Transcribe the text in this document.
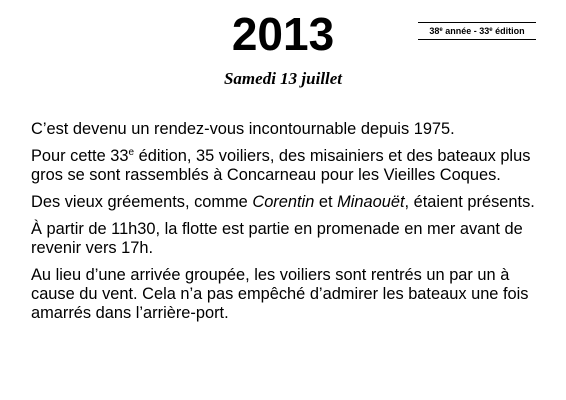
2013	38e année - 33e édition
Samedi 13 juillet

C’est devenu un rendez-vous incontournable depuis 1975.

Pour cette 33e édition, 35 voiliers, des misainiers et des bateaux plus gros se sont rassemblés à Concarneau pour les Vieilles Coques.

Des vieux gréements, comme Corentin et Minaouët, étaient présents.

À partir de 11h30, la flotte est partie en promenade en mer avant de revenir vers 17h.

Au lieu d’une arrivée groupée, les voiliers sont rentrés un par un à cause du vent. Cela n’a pas empêché d’admirer les bateaux une fois amarrés dans l’arrière-port.
